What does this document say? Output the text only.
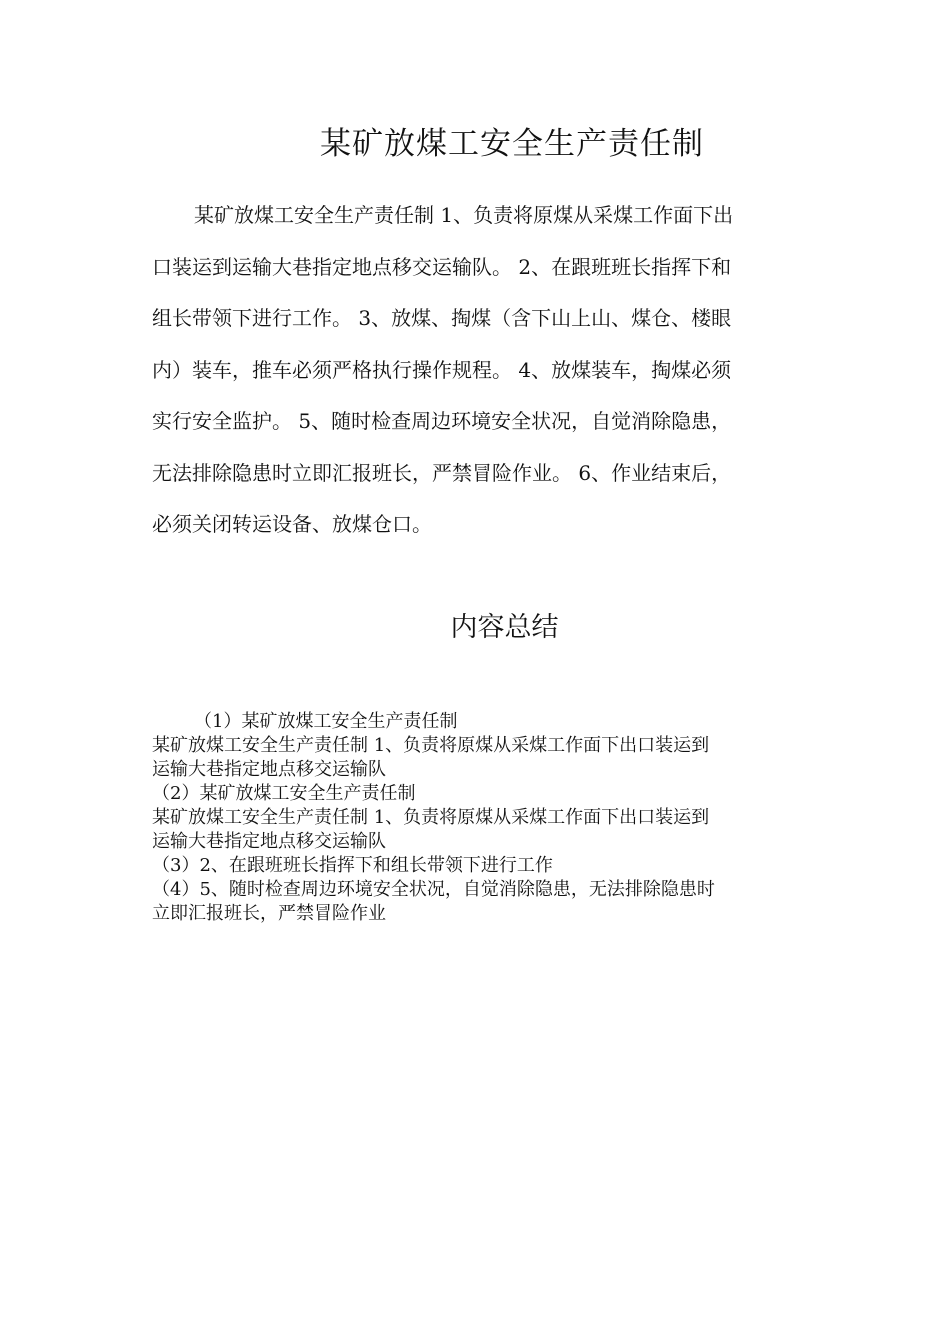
某矿放煤工安全生产责任制
某矿放煤工安全生产责任制 1、负责将原煤从采煤工作面下出
口装运到运输大巷指定地点移交运输队。 2、在跟班班长指挥下和
组长带领下进行工作。 3、放煤、掏煤（含下山上山、煤仓、楼眼
内）装车，推车必须严格执行操作规程。 4、放煤装车，掏煤必须
实行安全监护。 5、随时检查周边环境安全状况，自觉消除隐患，
无法排除隐患时立即汇报班长，严禁冒险作业。 6、作业结束后，
必须关闭转运设备、放煤仓口。
内容总结
（1）某矿放煤工安全生产责任制
某矿放煤工安全生产责任制 1、负责将原煤从采煤工作面下出口装运到
运输大巷指定地点移交运输队
（2）某矿放煤工安全生产责任制
某矿放煤工安全生产责任制 1、负责将原煤从采煤工作面下出口装运到
运输大巷指定地点移交运输队
（3）2、在跟班班长指挥下和组长带领下进行工作
（4）5、随时检查周边环境安全状况，自觉消除隐患，无法排除隐患时
立即汇报班长，严禁冒险作业
